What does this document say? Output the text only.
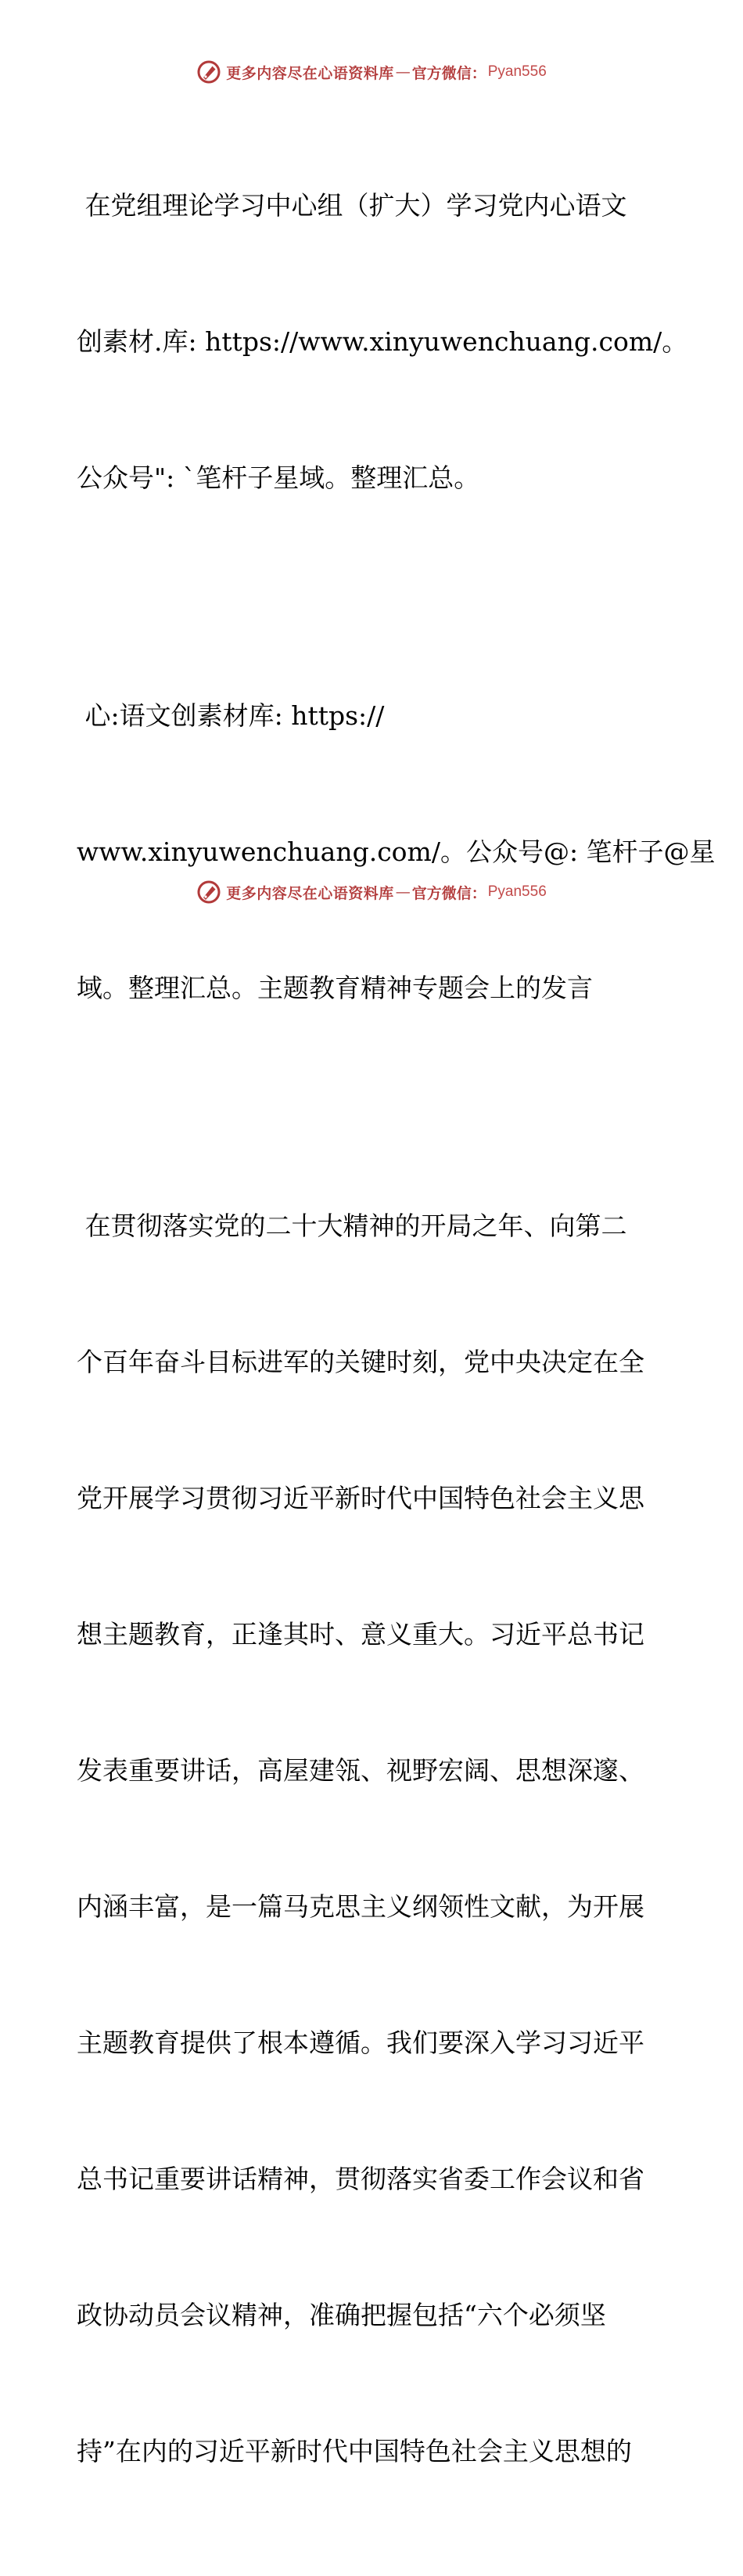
更多内容尽在心语资料库 — 官方微信： Pyan556

在党组理论学习中心组（扩大）学习党内心语文

创素材.库: https://www.xinyuwenchuang.com/。

公众号": `笔杆子星域。整理汇总。

心:语文创素材库: https://

www.xinyuwenchuang.com/。公众号@: 笔杆子@星

域。整理汇总。主题教育精神专题会上的发言

在贯彻落实党的二十大精神的开局之年、向第二

个百年奋斗目标进军的关键时刻，党中央决定在全

党开展学习贯彻习近平新时代中国特色社会主义思

想主题教育，正逢其时、意义重大。习近平总书记

发表重要讲话，高屋建瓴、视野宏阔、思想深邃、

内涵丰富，是一篇马克思主义纲领性文献，为开展

主题教育提供了根本遵循。我们要深入学习习近平

总书记重要讲话精神，贯彻落实省委工作会议和省

政协动员会议精神，准确把握包括“六个必须坚

持”在内的习近平新时代中国特色社会主义思想的

更多内容尽在心语资料库 — 官方微信： Pyan556
